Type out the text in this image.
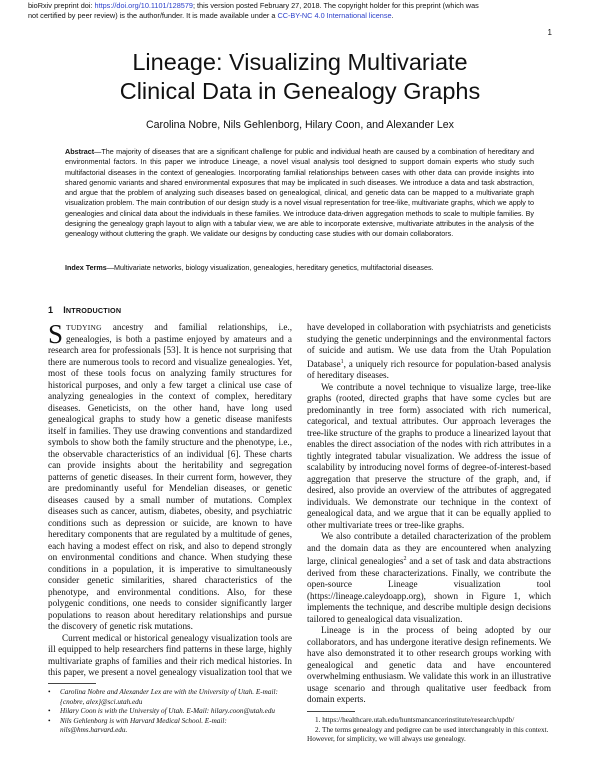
bioRxiv preprint doi: https://doi.org/10.1101/128579; this version posted February 27, 2018. The copyright holder for this preprint (which was
not certified by peer review) is the author/funder. It is made available under a CC-BY-NC 4.0 International license.
1
Lineage: Visualizing Multivariate
Clinical Data in Genealogy Graphs
Carolina Nobre, Nils Gehlenborg, Hilary Coon, and Alexander Lex

Abstract—The majority of diseases that are a significant challenge for public and individual heath are caused by a combination of hereditary and environmental factors. In this paper we introduce Lineage, a novel visual analysis tool designed to support domain experts who study such multifactorial diseases in the context of genealogies. Incorporating familial relationships between cases with other data can provide insights into shared genomic variants and shared environmental exposures that may be implicated in such diseases. We introduce a data and task abstraction, and argue that the problem of analyzing such diseases based on genealogical, clinical, and genetic data can be mapped to a multivariate graph visualization problem. The main contribution of our design study is a novel visual representation for tree-like, multivariate graphs, which we apply to genealogies and clinical data about the individuals in these families. We introduce data-driven aggregation methods to scale to multiple families. By designing the genealogy graph layout to align with a tabular view, we are able to incorporate extensive, multivariate attributes in the analysis of the genealogy without cluttering the graph. We validate our designs by conducting case studies with our domain collaborators.

Index Terms—Multivariate networks, biology visualization, genealogies, hereditary genetics, multifactorial diseases.
1 INTRODUCTION

STUDYING ancestry and familial relationships, i.e., genealogies, is both a pastime enjoyed by amateurs and a research area for professionals [53]. It is hence not surprising that there are numerous tools to record and visualize genealogies. Yet, most of these tools focus on analyzing family structures for historical purposes, and only a few target a clinical use case of analyzing genealogies in the context of complex, hereditary diseases. Geneticists, on the other hand, have long used genealogical graphs to study how a genetic disease manifests itself in families. They use drawing conventions and standardized symbols to show both the family structure and the phenotype, i.e., the observable characteristics of an individual [6]. These charts can provide insights about the heritability and segregation patterns of genetic diseases. In their current form, however, they are predominantly useful for Mendelian diseases, or genetic diseases caused by a small number of mutations. Complex diseases such as cancer, autism, diabetes, obesity, and psychiatric conditions such as depression or suicide, are known to have hereditary components that are regulated by a multitude of genes, each having a modest effect on risk, and also to depend strongly on environmental conditions and chance. When studying these conditions in a population, it is imperative to simultaneously consider genetic similarities, shared characteristics of the phenotype, and environmental conditions. Also, for these polygenic conditions, one needs to consider significantly larger populations to reason about hereditary relationships and pursue the discovery of genetic risk mutations.

Current medical or historical genealogy visualization tools are ill equipped to help researchers find patterns in these large, highly multivariate graphs of families and their rich medical histories. In this paper, we present a novel genealogy visualization tool that we

have developed in collaboration with psychiatrists and geneticists studying the genetic underpinnings and the environmental factors of suicide and autism. We use data from the Utah Population Database$^1$, a uniquely rich resource for population-based analysis of hereditary diseases.

We contribute a novel technique to visualize large, tree-like graphs (rooted, directed graphs that have some cycles but are predominantly in tree form) associated with rich numerical, categorical, and textual attributes. Our approach leverages the tree-like structure of the graphs to produce a linearized layout that enables the direct association of the nodes with rich attributes in a tightly integrated tabular visualization. We address the issue of scalability by introducing novel forms of degree-of-interest-based aggregation that preserve the structure of the graph, and, if desired, also provide an overview of the attributes of aggregated individuals. We demonstrate our technique in the context of genealogical data, and we argue that it can be equally applied to other multivariate trees or tree-like graphs.

We also contribute a detailed characterization of the problem and the domain data as they are encountered when analyzing large, clinical genealogies$^2$ and a set of task and data abstractions derived from these characterizations. Finally, we contribute the open-source Lineage visualization tool (https://lineage.caleydoapp.org), shown in Figure 1, which implements the technique, and describe multiple design decisions tailored to genealogical data visualization.

Lineage is in the process of being adopted by our collaborators, and has undergone iterative design refinements. We have also demonstrated it to other research groups working with genealogical and genetic data and have encountered overwhelming enthusiasm. We validate this work in an illustrative usage scenario and through qualitative user feedback from domain experts.

•	Carolina Nobre and Alexander Lex are with the University of Utah. E-mail: {cnobre, alex}@sci.utah.edu
•	Hilary Coon is with the University of Utah. E-Mail: hilary.coon@utah.edu
•	Nils Gehlenborg is with Harvard Medical School. E-mail: nils@hms.harvard.edu.
1. https://healthcare.utah.edu/huntsmancancerinstitute/research/updb/
2. The terms genealogy and pedigree can be used interchangeably in this context. However, for simplicity, we will always use genealogy.
